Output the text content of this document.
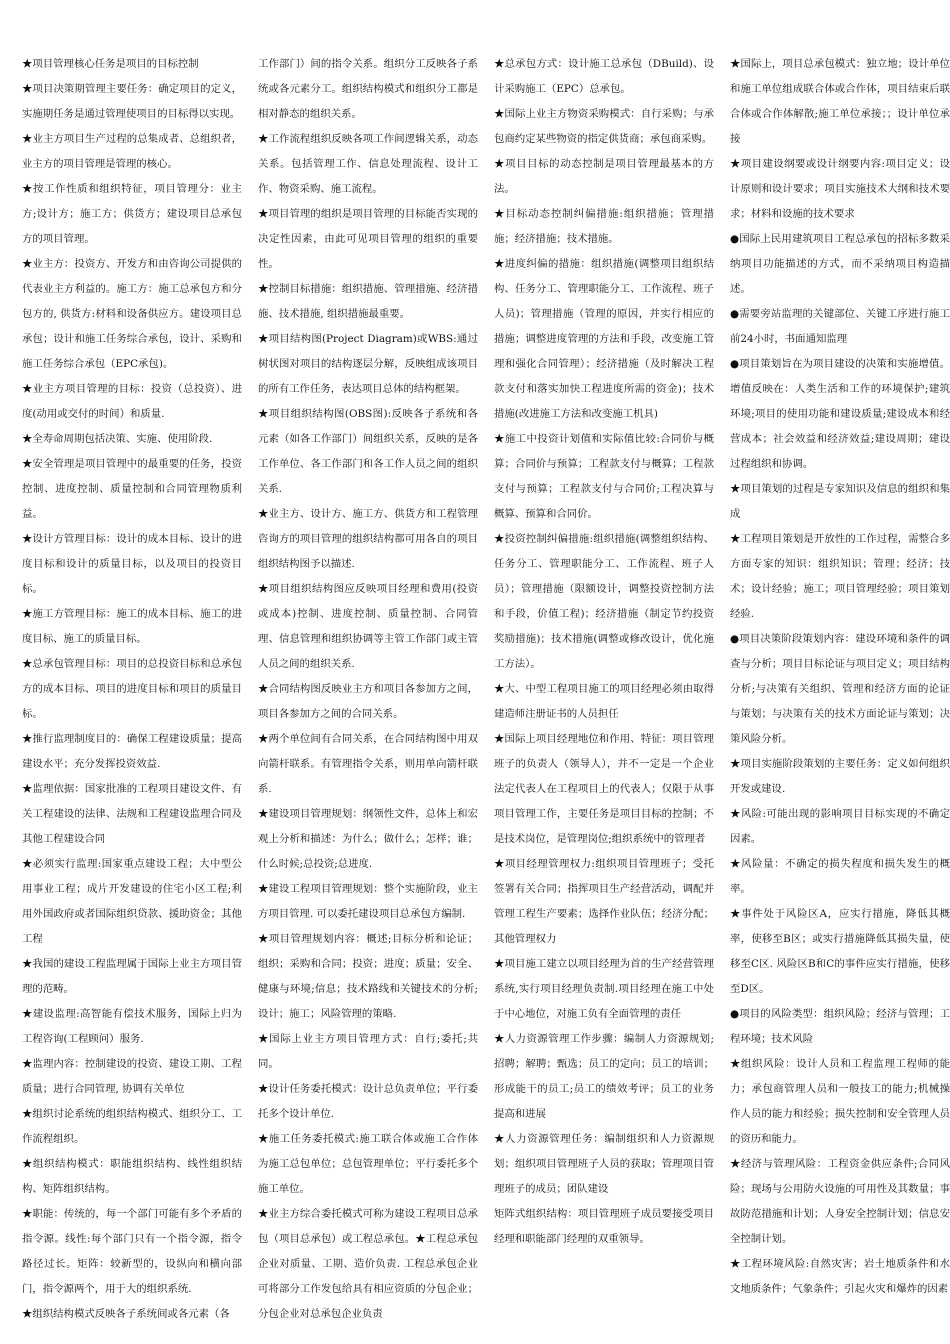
★项目管理核心任务是项目的目标控制

★项目决策期管理主要任务：确定项目的定义，实施期任务是通过管理使项目的目标得以实现。

★业主方项目生产过程的总集成者、总组织者，业主方的项目管理是管理的核心。

★按工作性质和组织特征，项目管理分：业主方;设计方；施工方；供货方；建设项目总承包方的项目管理。

★业主方：投资方、开发方和由咨询公司提供的代表业主方利益的。施工方：施工总承包方和分包方的, 供货方:材料和设备供应方。建设项目总承包；设计和施工任务综合承包，设计、采购和施工任务综合承包（EPC承包)。

★业主方项目管理的目标：投资（总投资）、进度(动用或交付的时间）和质量.

★全寿命周期包括决策、实施、使用阶段.

★安全管理是项目管理中的最重要的任务，投资控制、进度控制、质量控制和合同管理物质利益。

★设计方管理目标：设计的成本目标、设计的进度目标和设计的质量目标，以及项目的投资目标。

★施工方管理目标：施工的成本目标、施工的进度目标、施工的质量目标。

★总承包管理目标：项目的总投资目标和总承包方的成本目标、项目的进度目标和项目的质量目标。

★推行监理制度目的：确保工程建设质量；提高建设水平；充分发挥投资效益.

★监理依据：国家批准的工程项目建设文件、有关工程建设的法律、法规和工程建设监理合同及其他工程建设合同

★必须实行监理:国家重点建设工程；大中型公用事业工程；成片开发建设的住宅小区工程;利用外国政府或者国际组织贷款、援助资金；其他工程

★我国的建设工程监理属于国际上业主方项目管理的范畴。

★建设监理:高智能有偿技术服务，国际上归为工程咨询(工程顾问）服务.

★监理内容：控制建设的投资、建设工期、工程质量；进行合同管理, 协调有关单位

★组织讨论系统的组织结构模式、组织分工、工作流程组织。

★组织结构模式：职能组织结构、线性组织结构、矩阵组织结构。

★职能：传统的，每一个部门可能有多个矛盾的指令源。线性:每个部门只有一个指令源，指令路径过长。矩阵：较新型的，设纵向和横向部门，指令源两个，用于大的组织系统.

★组织结构模式反映各子系统间或各元素（各

工作部门）间的指令关系。组织分工反映各子系统或各元素分工。组织结构模式和组织分工都是相对静态的组织关系。

★工作流程组织反映各项工作间逻辑关系，动态关系。包括管理工作、信息处理流程、设计工作、物资采购、施工流程。

★项目管理的组织是项目管理的目标能否实现的决定性因素，由此可见项目管理的组织的重要性。

★控制目标措施：组织措施、管理措施、经济措施、技术措施, 组织措施最重要。

★项目结构图(Project Diagram)或WBS:通过树状图对项目的结构逐层分解，反映组成该项目的所有工作任务，表达项目总体的结构框架。

★项目组织结构图(OBS图):反映各子系统和各元素（如各工作部门）间组织关系，反映的是各工作单位、各工作部门和各工作人员之间的组织关系.

★业主方、设计方、施工方、供货方和工程管理咨询方的项目管理的组织结构都可用各自的项目组织结构图予以描述.

★项目组织结构图应反映项目经理和费用(投资或成本)控制、进度控制、质量控制、合同管理、信息管理和组织协调等主管工作部门或主管人员之间的组织关系.

★合同结构图反映业主方和项目各参加方之间，项目各参加方之间的合同关系。

★两个单位间有合同关系，在合同结构图中用双向箭杆联系。有管理指令关系，则用单向箭杆联系.

★建设项目管理规划：纲领性文件，总体上和宏观上分析和描述：为什么；做什么；怎样；谁；什么时候;总投资;总进度.

★建设工程项目管理规划：整个实施阶段，业主方项目管理. 可以委托建设项目总承包方编制.

★项目管理规划内容：概述;目标分析和论证；组织；采购和合同；投资；进度；质量；安全、健康与环境;信息；技术路线和关键技术的分析;设计；施工；风险管理的策略.

★国际上业主方项目管理方式：自行;委托;共同。

★设计任务委托模式：设计总负责单位；平行委托多个设计单位.

★施工任务委托模式:施工联合体或施工合作体为施工总包单位；总包管理单位；平行委托多个施工单位。

★业主方综合委托模式可称为建设工程项目总承包（项目总承包）或工程总承包。★工程总承包企业对质量、工期、造价负责. 工程总承包企业可将部分工作发包给具有相应资质的分包企业；分包企业对总承包企业负责

★总承包方式：设计施工总承包（DBuild)、设计采购施工（EPC）总承包。

★国际上业主方物资采购模式：自行采购；与承包商约定某些物资的指定供货商；承包商采购。

★项目目标的动态控制是项目管理最基本的方法。

★目标动态控制纠偏措施:组织措施；管理措施；经济措施；技术措施。

★进度纠偏的措施：组织措施(调整项目组织结构、任务分工、管理职能分工、工作流程、班子人员)；管理措施（管理的原因，并实行相应的措施；调整进度管理的方法和手段，改变施工管理和强化合同管理）；经济措施（及时解决工程款支付和落实加快工程进度所需的资金)；技术措施(改进施工方法和改变施工机具)

★施工中投资计划值和实际值比较:合同价与概算；合同价与预算；工程款支付与概算；工程款支付与预算；工程款支付与合同价;工程决算与概算、预算和合同价。

★投资控制纠偏措施:组织措施(调整组织结构、任务分工、管理职能分工、工作流程、班子人员）；管理措施（限额设计，调整投资控制方法和手段，价值工程)；经济措施（制定节约投资奖励措施)；技术措施(调整或修改设计，优化施工方法）。

★大、中型工程项目施工的项目经理必须由取得建造师注册证书的人员担任

★国际上项目经理地位和作用、特征：项目管理班子的负责人（领导人），并不一定是一个企业法定代表人在工程项目上的代表人；仅限于从事项目管理工作，主要任务是项目目标的控制；不是技术岗位，是管理岗位;组织系统中的管理者

★项目经理管理权力:组织项目管理班子；受托签署有关合同；指挥项目生产经营活动，调配并管理工程生产要素；选择作业队伍；经济分配；其他管理权力

★项目施工建立以项目经理为首的生产经营管理系统,实行项目经理负责制.项目经理在施工中处于中心地位，对施工负有全面管理的责任

★人力资源管理工作步骤：编制人力资源规划;招聘；解聘；甄选；员工的定向；员工的培训；形成能干的员工;员工的绩效考评；员工的业务提高和进展

★人力资源管理任务：编制组织和人力资源规划；组织项目管理班子人员的获取；管理项目管理班子的成员；团队建设

矩阵式组织结构：项目管理班子成员要接受项目经理和职能部门经理的双重领导。

★国际上，项目总承包模式：独立地；设计单位和施工单位组成联合体或合作体，项目结束后联合体或合作体解散;施工单位承接；；设计单位承接

★项目建设纲要或设计纲要内容:项目定义；设计原则和设计要求；项目实施技术大纲和技术要求；材料和设施的技术要求

●国际上民用建筑项目工程总承包的招标多数采纳项目功能描述的方式，而不采纳项目构造描述。

●需要旁站监理的关键部位、关键工序进行施工前24小时，书面通知监理

●项目策划旨在为项目建设的决策和实施增值。增值反映在：人类生活和工作的环境保护;建筑环境;项目的使用功能和建设质量;建设成本和经营成本；社会效益和经济效益;建设周期；建设过程组织和协调。

★项目策划的过程是专家知识及信息的组织和集成

★工程项目策划是开放性的工作过程，需整合多方面专家的知识：组织知识；管理；经济；技术；设计经验；施工；项目管理经验；项目策划经验.

●项目决策阶段策划内容：建设环境和条件的调查与分析；项目目标论证与项目定义；项目结构分析;与决策有关组织、管理和经济方面的论证与策划；与决策有关的技术方面论证与策划；决策风险分析。

★项目实施阶段策划的主要任务：定义如何组织开发或建设.

★风险:可能出现的影响项目目标实现的不确定因素。

★风险量：不确定的损失程度和损失发生的概率。

★事件处于风险区A，应实行措施，降低其概率，使移至B区；或实行措施降低其损失量，使移至C区. 风险区B和C的事件应实行措施，使移至D区。

●项目的风险类型：组织风险；经济与管理；工程环境；技术风险

★组织风险：设计人员和工程监理工程师的能力；承包商管理人员和一般技工的能力;机械操作人员的能力和经验；损失控制和安全管理人员的资历和能力。

★经济与管理风险：工程资金供应条件;合同风险；现场与公用防火设施的可用性及其数量；事故防范措施和计划；人身安全控制计划；信息安全控制计划。

★工程环境风险:自然灾害；岩土地质条件和水文地质条件；气象条件；引起火灾和爆炸的因素
